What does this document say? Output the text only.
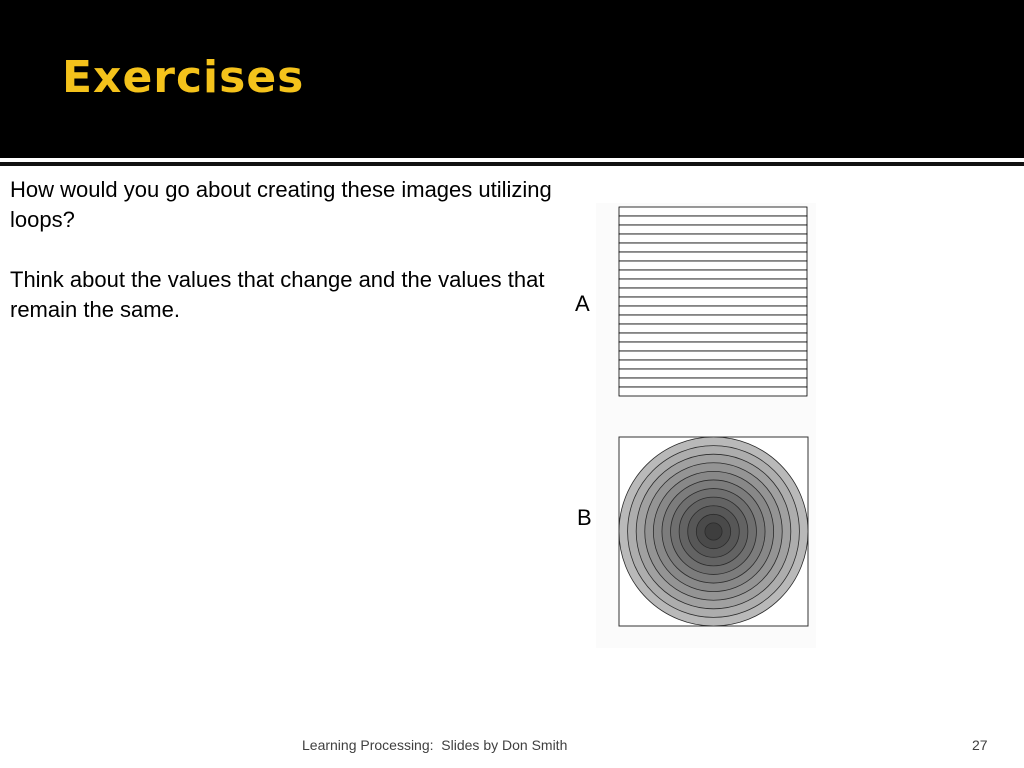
Exercises

How would you go about creating these images utilizing loops?

Think about the values that change and the values that remain the same.	A
B
Learning Processing:  Slides by Don Smith	27
